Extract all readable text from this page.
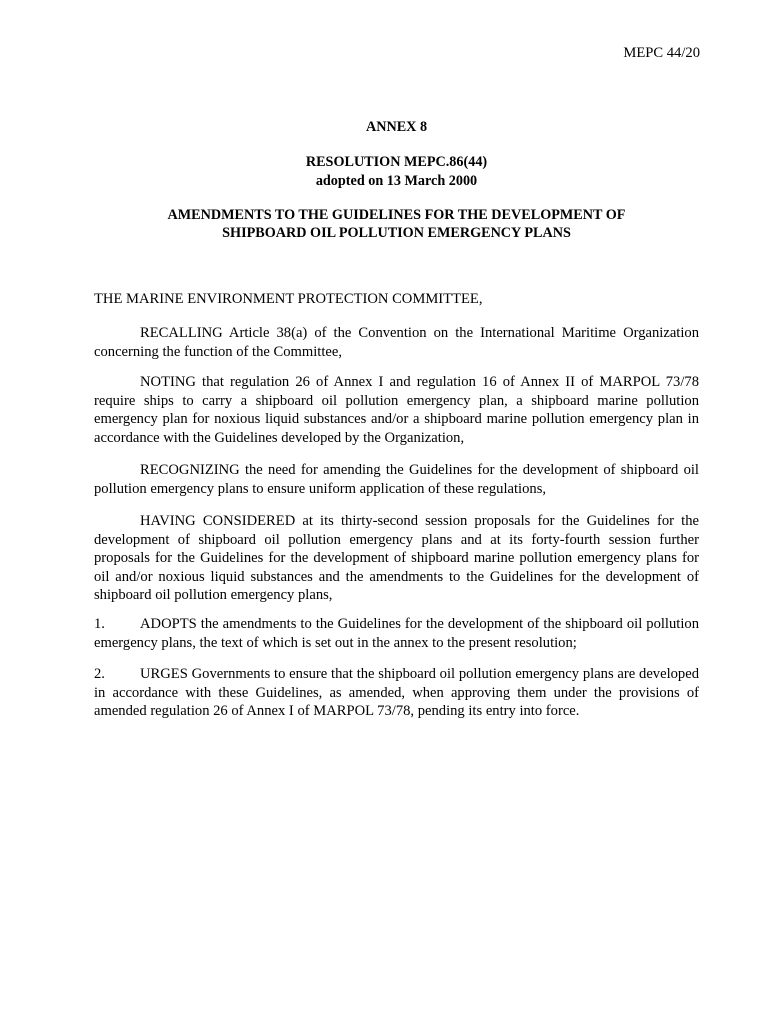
MEPC 44/20
ANNEX 8
RESOLUTION MEPC.86(44)
adopted on 13 March 2000
AMENDMENTS TO THE GUIDELINES FOR THE DEVELOPMENT OF
SHIPBOARD OIL POLLUTION EMERGENCY PLANS

THE MARINE ENVIRONMENT PROTECTION COMMITTEE,

RECALLING Article 38(a) of the Convention on the International Maritime Organization concerning the function of the Committee,

NOTING that regulation 26 of Annex I and regulation 16 of Annex II of MARPOL 73/78 require ships to carry a shipboard oil pollution emergency plan, a shipboard marine pollution emergency plan for noxious liquid substances and/or a shipboard marine pollution emergency plan in accordance with the Guidelines developed by the Organization,

RECOGNIZING the need for amending the Guidelines for the development of shipboard oil pollution emergency plans to ensure uniform application of these regulations,

HAVING CONSIDERED at its thirty-second session proposals for the Guidelines for the development of shipboard oil pollution emergency plans and at its forty-fourth session further proposals for the Guidelines for the development of shipboard marine pollution emergency plans for oil and/or noxious liquid substances and the amendments to the Guidelines for the development of shipboard oil pollution emergency plans,

1. ADOPTS the amendments to the Guidelines for the development of the shipboard oil pollution emergency plans, the text of which is set out in the annex to the present resolution;

2. URGES Governments to ensure that the shipboard oil pollution emergency plans are developed in accordance with these Guidelines, as amended, when approving them under the provisions of amended regulation 26 of Annex I of MARPOL 73/78, pending its entry into force.
